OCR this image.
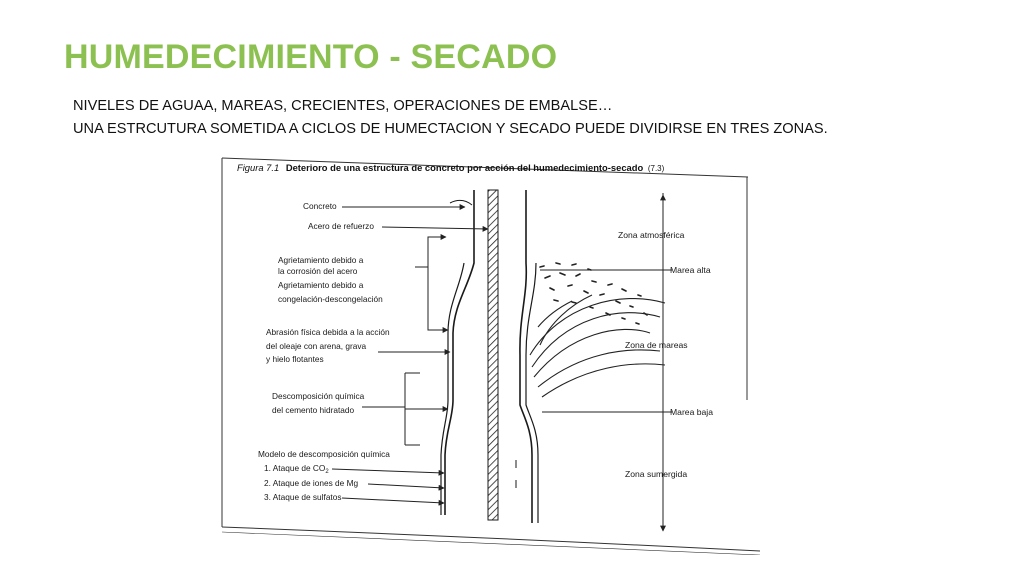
HUMEDECIMIENTO - SECADO

NIVELES DE AGUAA, MAREAS, CRECIENTES, OPERACIONES DE EMBALSE…

UNA ESTRCUTURA SOMETIDA A CICLOS DE HUMECTACION Y SECADO PUEDE DIVIDIRSE EN TRES ZONAS.

Figura 7.1 Deterioro de una estructura de concreto por acción del humedecimiento-secado (7.3)
Zona atmosférica
Marea alta
Zona de mareas
Marea baja
Zona sumergida
Concreto
Acero de refuerzo
Agrietamiento debido a
la corrosión del acero
Agrietamiento debido a
congelación-descongelación
Abrasión física debida a la acción
del oleaje con arena, grava
y hielo flotantes
Descomposición química
del cemento hidratado
Modelo de descomposición química
1. Ataque de $CO_2$
2. Ataque de iones de Mg
3. Ataque de sulfatos
